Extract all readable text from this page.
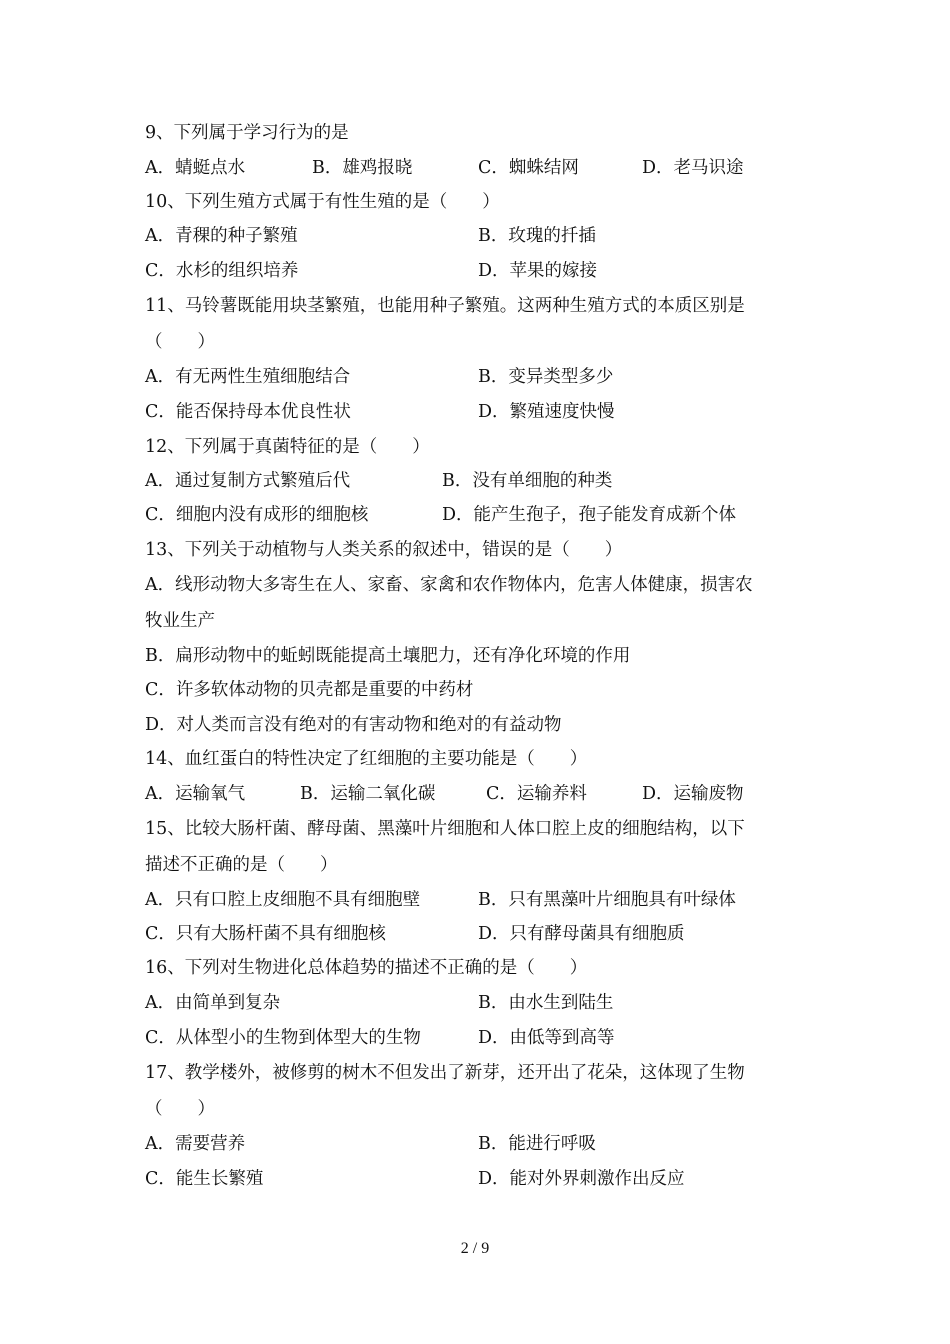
9、下列属于学习行为的是
A．蜻蜓点水	B．雄鸡报晓	C．蜘蛛结网	D．老马识途
10、下列生殖方式属于有性生殖的是（　　）
A．青稞的种子繁殖	B．玫瑰的扦插
C．水杉的组织培养	D．苹果的嫁接
11、马铃薯既能用块茎繁殖，也能用种子繁殖。这两种生殖方式的本质区别是
（　　）
A．有无两性生殖细胞结合	B．变异类型多少
C．能否保持母本优良性状	D．繁殖速度快慢
12、下列属于真菌特征的是（　　）
A．通过复制方式繁殖后代	B．没有单细胞的种类
C．细胞内没有成形的细胞核	D．能产生孢子，孢子能发育成新个体
13、下列关于动植物与人类关系的叙述中，错误的是（　　）
A．线形动物大多寄生在人、家畜、家禽和农作物体内，危害人体健康，损害农
牧业生产
B．扁形动物中的蚯蚓既能提高土壤肥力，还有净化环境的作用
C．许多软体动物的贝壳都是重要的中药材
D．对人类而言没有绝对的有害动物和绝对的有益动物
14、血红蛋白的特性决定了红细胞的主要功能是（　　）
A．运输氧气	B．运输二氧化碳	C．运输养料	D．运输废物
15、比较大肠杆菌、酵母菌、黑藻叶片细胞和人体口腔上皮的细胞结构，以下
描述不正确的是（　　）
A．只有口腔上皮细胞不具有细胞壁	B．只有黑藻叶片细胞具有叶绿体
C．只有大肠杆菌不具有细胞核	D．只有酵母菌具有细胞质
16、下列对生物进化总体趋势的描述不正确的是（　　）
A．由简单到复杂	B．由水生到陆生
C．从体型小的生物到体型大的生物	D．由低等到高等
17、教学楼外，被修剪的树木不但发出了新芽，还开出了花朵，这体现了生物
（　　）
A．需要营养	B．能进行呼吸
C．能生长繁殖	D．能对外界刺激作出反应
2 / 9
